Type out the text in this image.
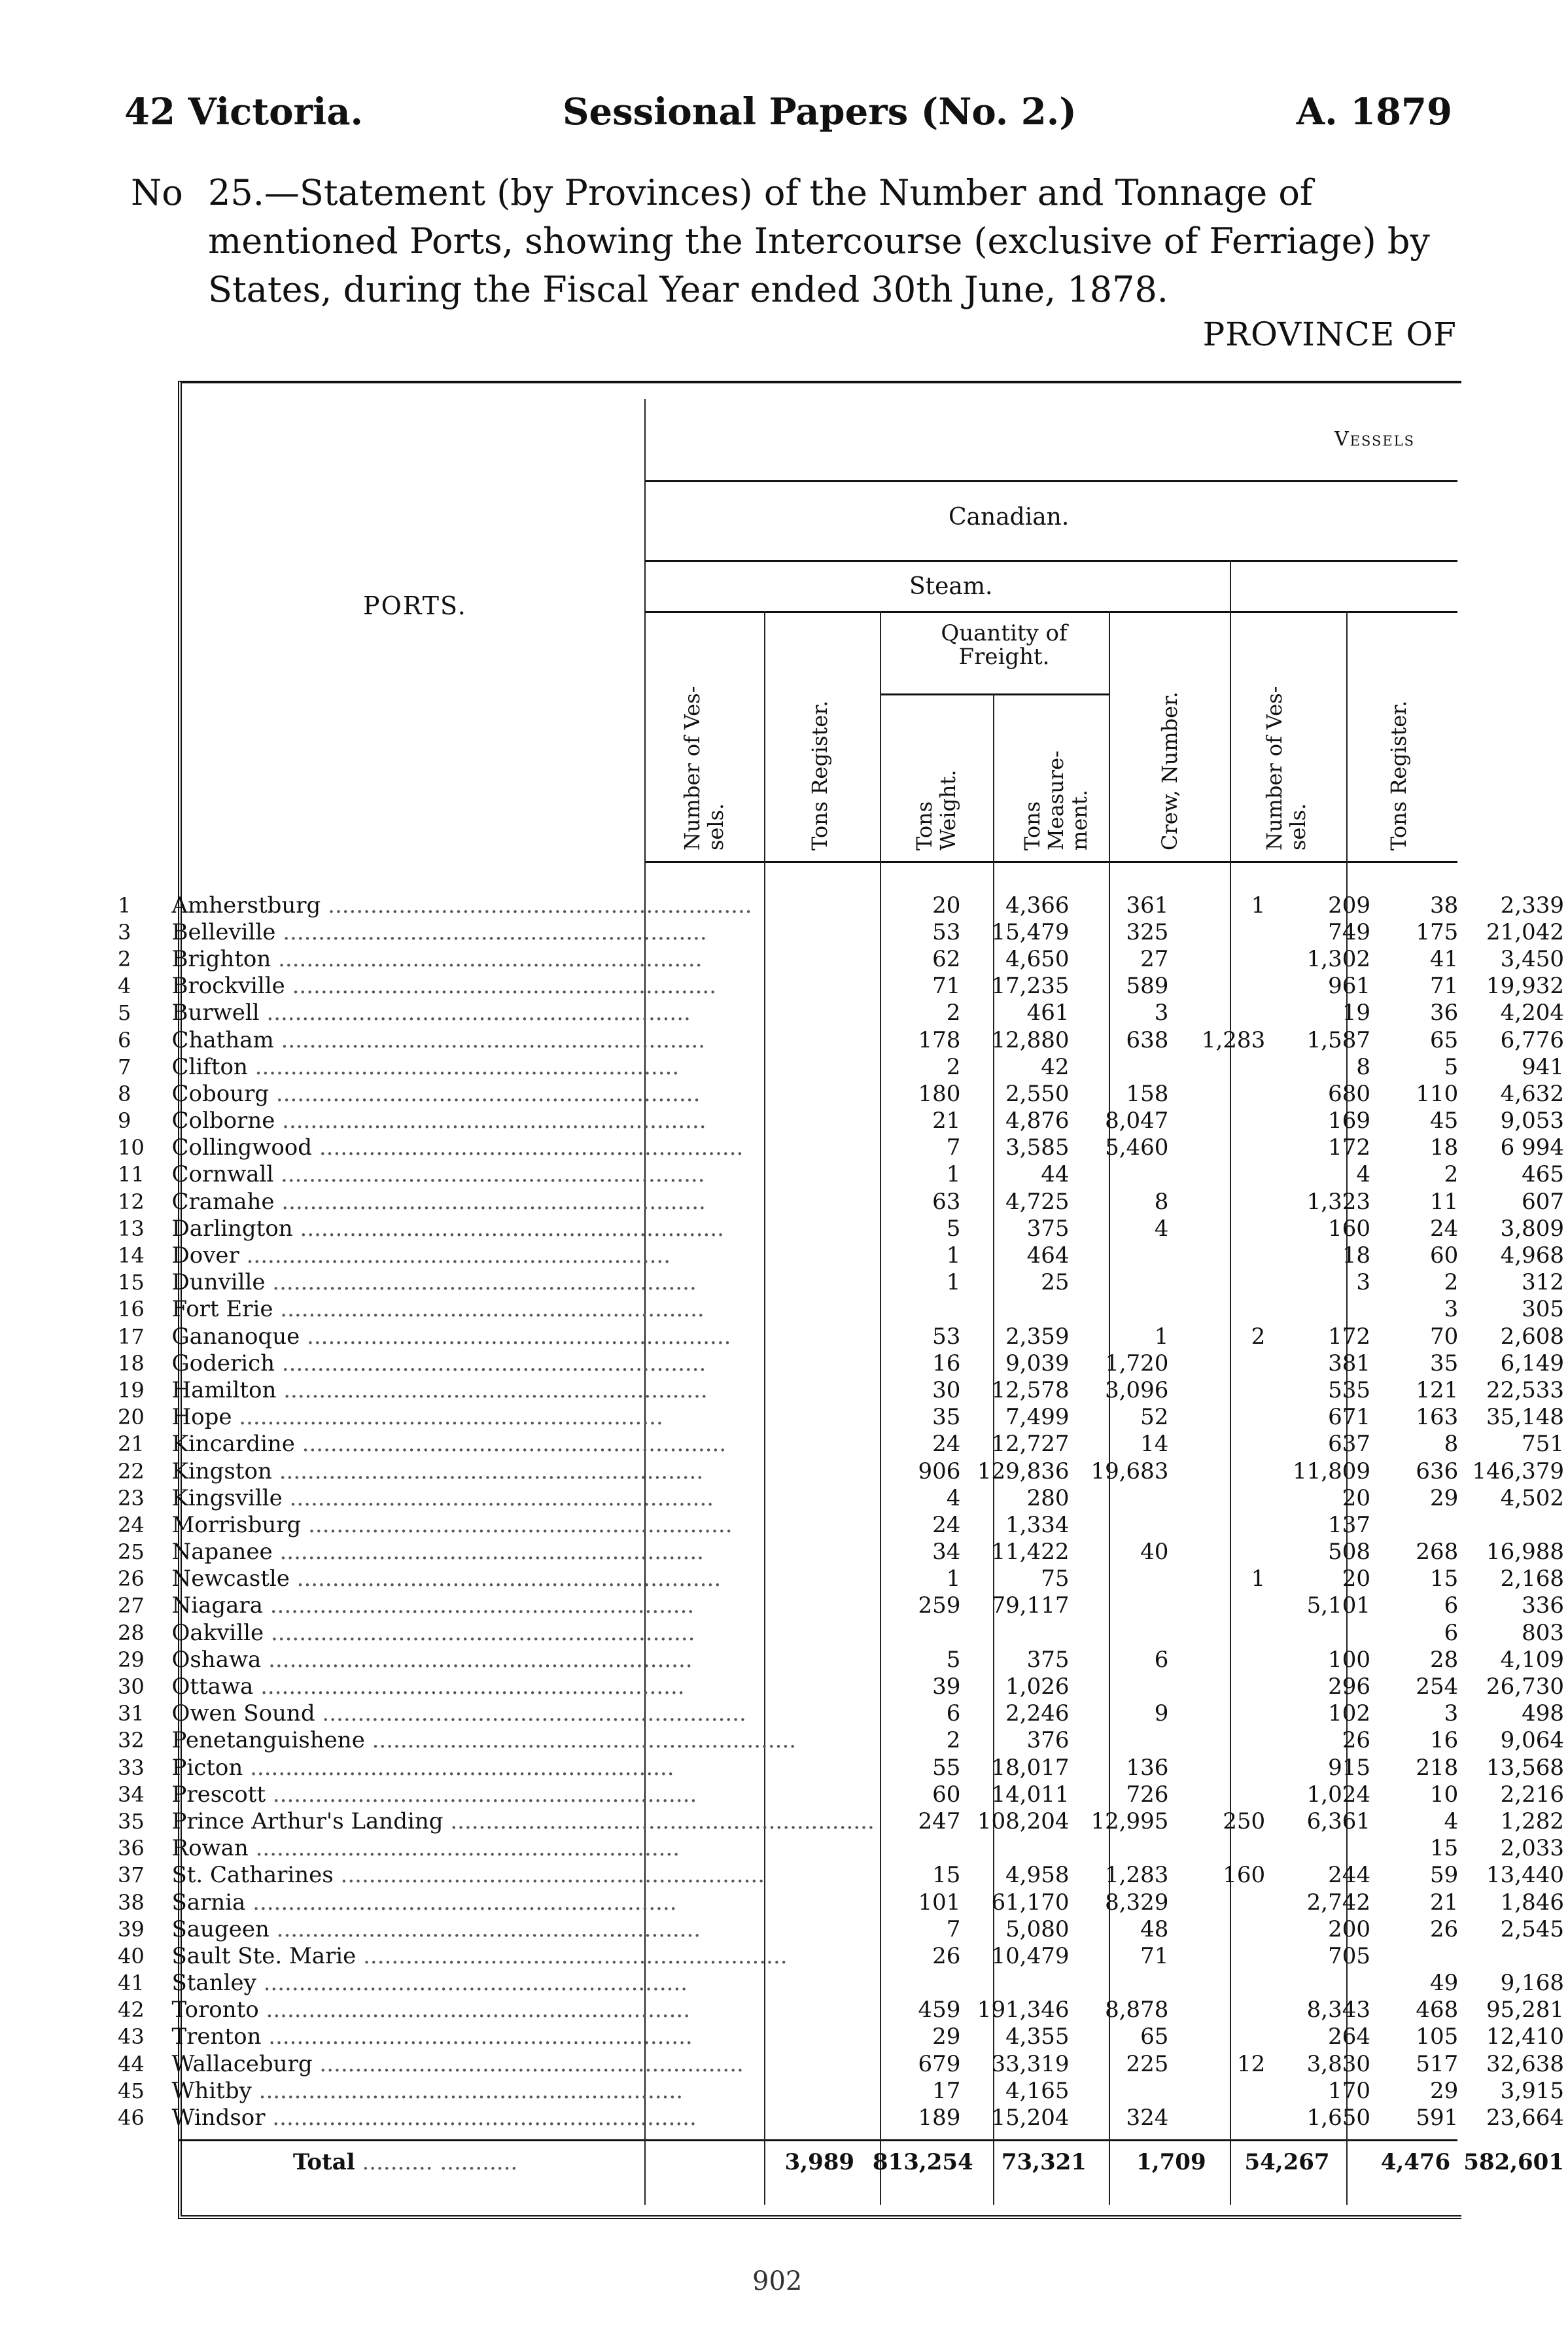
42 Victoria.	Sessional Papers (No. 2.)	A. 1879
No 25.—Statement (by Provinces) of the Number and Tonnage of
mentioned Ports, showing the Intercourse (exclusive of Ferriage) by
States, during the Fiscal Year ended 30th June, 1878.
PROVINCE OF
Vessels
Canadian.
Steam.
PORTS.
Quantity of Freight.
Number of Ves- sels.	Tons Register.	Tons Weight.	Tons Measure- ment.	Crew, Number.	Number of Ves- sels.	Tons Register.
1	Amherstburg ............................................................	20	4,366	361	1	209	38	2,339
3	Belleville ............................................................	53	15,479	325		749	175	21,042
2	Brighton ............................................................	62	4,650	27		1,302	41	3,450
4	Brockville ............................................................	71	17,235	589		961	71	19,932
5	Burwell ............................................................	2	461	3		19	36	4,204
6	Chatham ............................................................	178	12,880	638	1,283	1,587	65	6,776
7	Clifton ............................................................	2	42			8	5	941
8	Cobourg ............................................................	180	2,550	158		680	110	4,632
9	Colborne ............................................................	21	4,876	8,047		169	45	9,053
10	Collingwood ............................................................	7	3,585	5,460		172	18	6 994
11	Cornwall ............................................................	1	44			4	2	465
12	Cramahe ............................................................	63	4,725	8		1,323	11	607
13	Darlington ............................................................	5	375	4		160	24	3,809
14	Dover ............................................................	1	464			18	60	4,968
15	Dunville ............................................................	1	25			3	2	312
16	Fort Erie ............................................................						3	305
17	Gananoque ............................................................	53	2,359	1	2	172	70	2,608
18	Goderich ............................................................	16	9,039	1,720		381	35	6,149
19	Hamilton ............................................................	30	12,578	3,096		535	121	22,533
20	Hope ............................................................	35	7,499	52		671	163	35,148
21	Kincardine ............................................................	24	12,727	14		637	8	751
22	Kingston ............................................................	906	129,836	19,683		11,809	636	146,379
23	Kingsville ............................................................	4	280			20	29	4,502
24	Morrisburg ............................................................	24	1,334			137		
25	Napanee ............................................................	34	11,422	40		508	268	16,988
26	Newcastle ............................................................	1	75		1	20	15	2,168
27	Niagara ............................................................	259	79,117			5,101	6	336
28	Oakville ............................................................						6	803
29	Oshawa ............................................................	5	375	6		100	28	4,109
30	Ottawa ............................................................	39	1,026			296	254	26,730
31	Owen Sound ............................................................	6	2,246	9		102	3	498
32	Penetanguishene ............................................................	2	376			26	16	9,064
33	Picton ............................................................	55	18,017	136		915	218	13,568
34	Prescott ............................................................	60	14,011	726		1,024	10	2,216
35	Prince Arthur's Landing ............................................................	247	108,204	12,995	250	6,361	4	1,282
36	Rowan ............................................................						15	2,033
37	St. Catharines ............................................................	15	4,958	1,283	160	244	59	13,440
38	Sarnia ............................................................	101	61,170	8,329		2,742	21	1,846
39	Saugeen ............................................................	7	5,080	48		200	26	2,545
40	Sault Ste. Marie ............................................................	26	10,479	71		705		
41	Stanley ............................................................						49	9,168
42	Toronto ............................................................	459	191,346	8,878		8,343	468	95,281
43	Trenton ............................................................	29	4,355	65		264	105	12,410
44	Wallaceburg ............................................................	679	33,319	225	12	3,830	517	32,638
45	Whitby ............................................................	17	4,165			170	29	3,915
46	Windsor ............................................................	189	15,204	324		1,650	591	23,664
	Total .......... ...........	3,989	813,254	73,321	1,709	54,267	4,476	582,601
902
